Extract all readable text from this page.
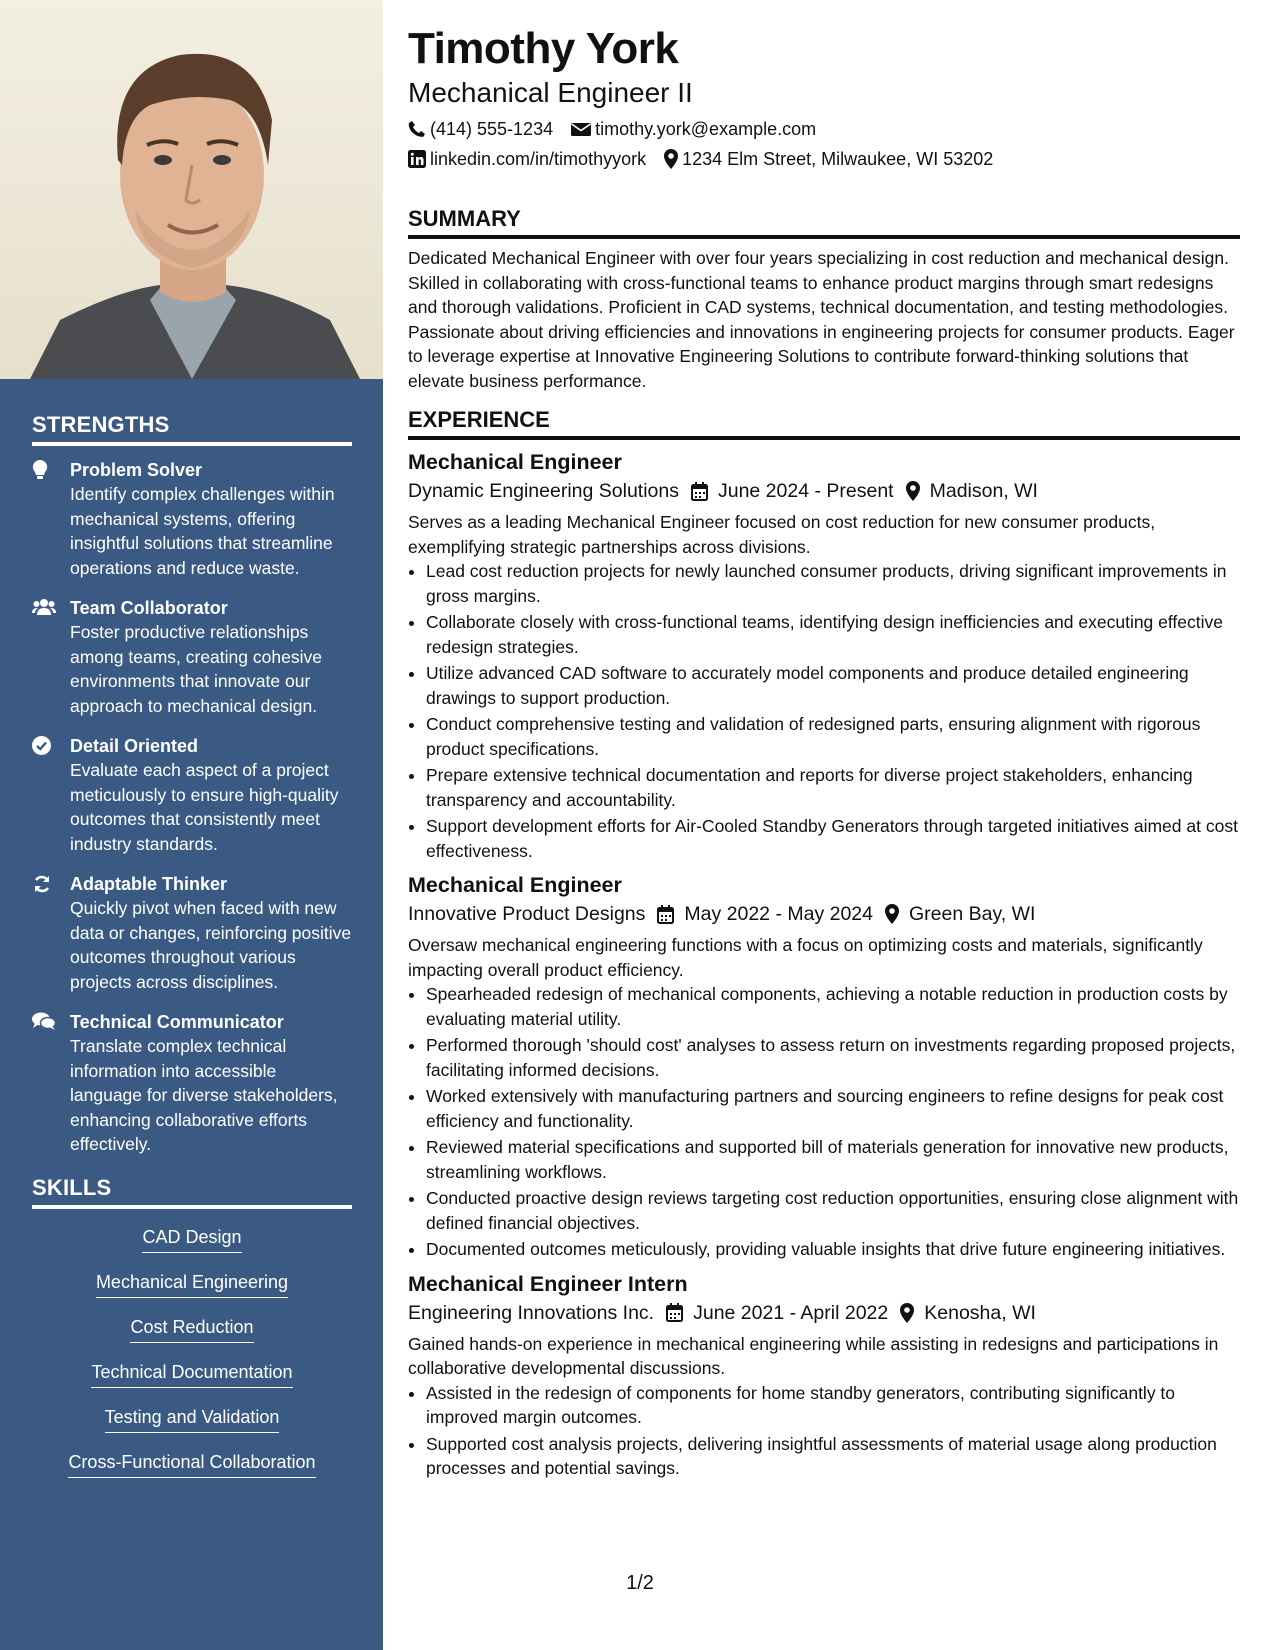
STRENGTHS
Problem Solver
Identify complex challenges within mechanical systems, offering insightful solutions that streamline operations and reduce waste.
Team Collaborator
Foster productive relationships among teams, creating cohesive environments that innovate our approach to mechanical design.
Detail Oriented
Evaluate each aspect of a project meticulously to ensure high-quality outcomes that consistently meet industry standards.
Adaptable Thinker
Quickly pivot when faced with new data or changes, reinforcing positive outcomes throughout various projects across disciplines.
Technical Communicator
Translate complex technical information into accessible language for diverse stakeholders, enhancing collaborative efforts effectively.
SKILLS
CAD Design
Mechanical Engineering
Cost Reduction
Technical Documentation
Testing and Validation
Cross-Functional Collaboration
Timothy York
Mechanical Engineer II
(414) 555-1234 timothy.york@example.com
linkedin.com/in/timothyyork 1234 Elm Street, Milwaukee, WI 53202
SUMMARY
Dedicated Mechanical Engineer with over four years specializing in cost reduction and mechanical design. Skilled in collaborating with cross-functional teams to enhance product margins through smart redesigns and thorough validations. Proficient in CAD systems, technical documentation, and testing methodologies. Passionate about driving efficiencies and innovations in engineering projects for consumer products. Eager to leverage expertise at Innovative Engineering Solutions to contribute forward-thinking solutions that elevate business performance.
EXPERIENCE
Mechanical Engineer
Dynamic Engineering Solutions June 2024 - Present Madison, WI
Serves as a leading Mechanical Engineer focused on cost reduction for new consumer products, exemplifying strategic partnerships across divisions.
• Lead cost reduction projects for newly launched consumer products, driving significant improvements in gross margins.
• Collaborate closely with cross-functional teams, identifying design inefficiencies and executing effective redesign strategies.
• Utilize advanced CAD software to accurately model components and produce detailed engineering drawings to support production.
• Conduct comprehensive testing and validation of redesigned parts, ensuring alignment with rigorous product specifications.
• Prepare extensive technical documentation and reports for diverse project stakeholders, enhancing transparency and accountability.
• Support development efforts for Air-Cooled Standby Generators through targeted initiatives aimed at cost effectiveness.
Mechanical Engineer
Innovative Product Designs May 2022 - May 2024 Green Bay, WI
Oversaw mechanical engineering functions with a focus on optimizing costs and materials, significantly impacting overall product efficiency.
• Spearheaded redesign of mechanical components, achieving a notable reduction in production costs by evaluating material utility.
• Performed thorough 'should cost' analyses to assess return on investments regarding proposed projects, facilitating informed decisions.
• Worked extensively with manufacturing partners and sourcing engineers to refine designs for peak cost efficiency and functionality.
• Reviewed material specifications and supported bill of materials generation for innovative new products, streamlining workflows.
• Conducted proactive design reviews targeting cost reduction opportunities, ensuring close alignment with defined financial objectives.
• Documented outcomes meticulously, providing valuable insights that drive future engineering initiatives.
Mechanical Engineer Intern
Engineering Innovations Inc. June 2021 - April 2022 Kenosha, WI
Gained hands-on experience in mechanical engineering while assisting in redesigns and participations in collaborative developmental discussions.
• Assisted in the redesign of components for home standby generators, contributing significantly to improved margin outcomes.
• Supported cost analysis projects, delivering insightful assessments of material usage along production processes and potential savings.
1/2
